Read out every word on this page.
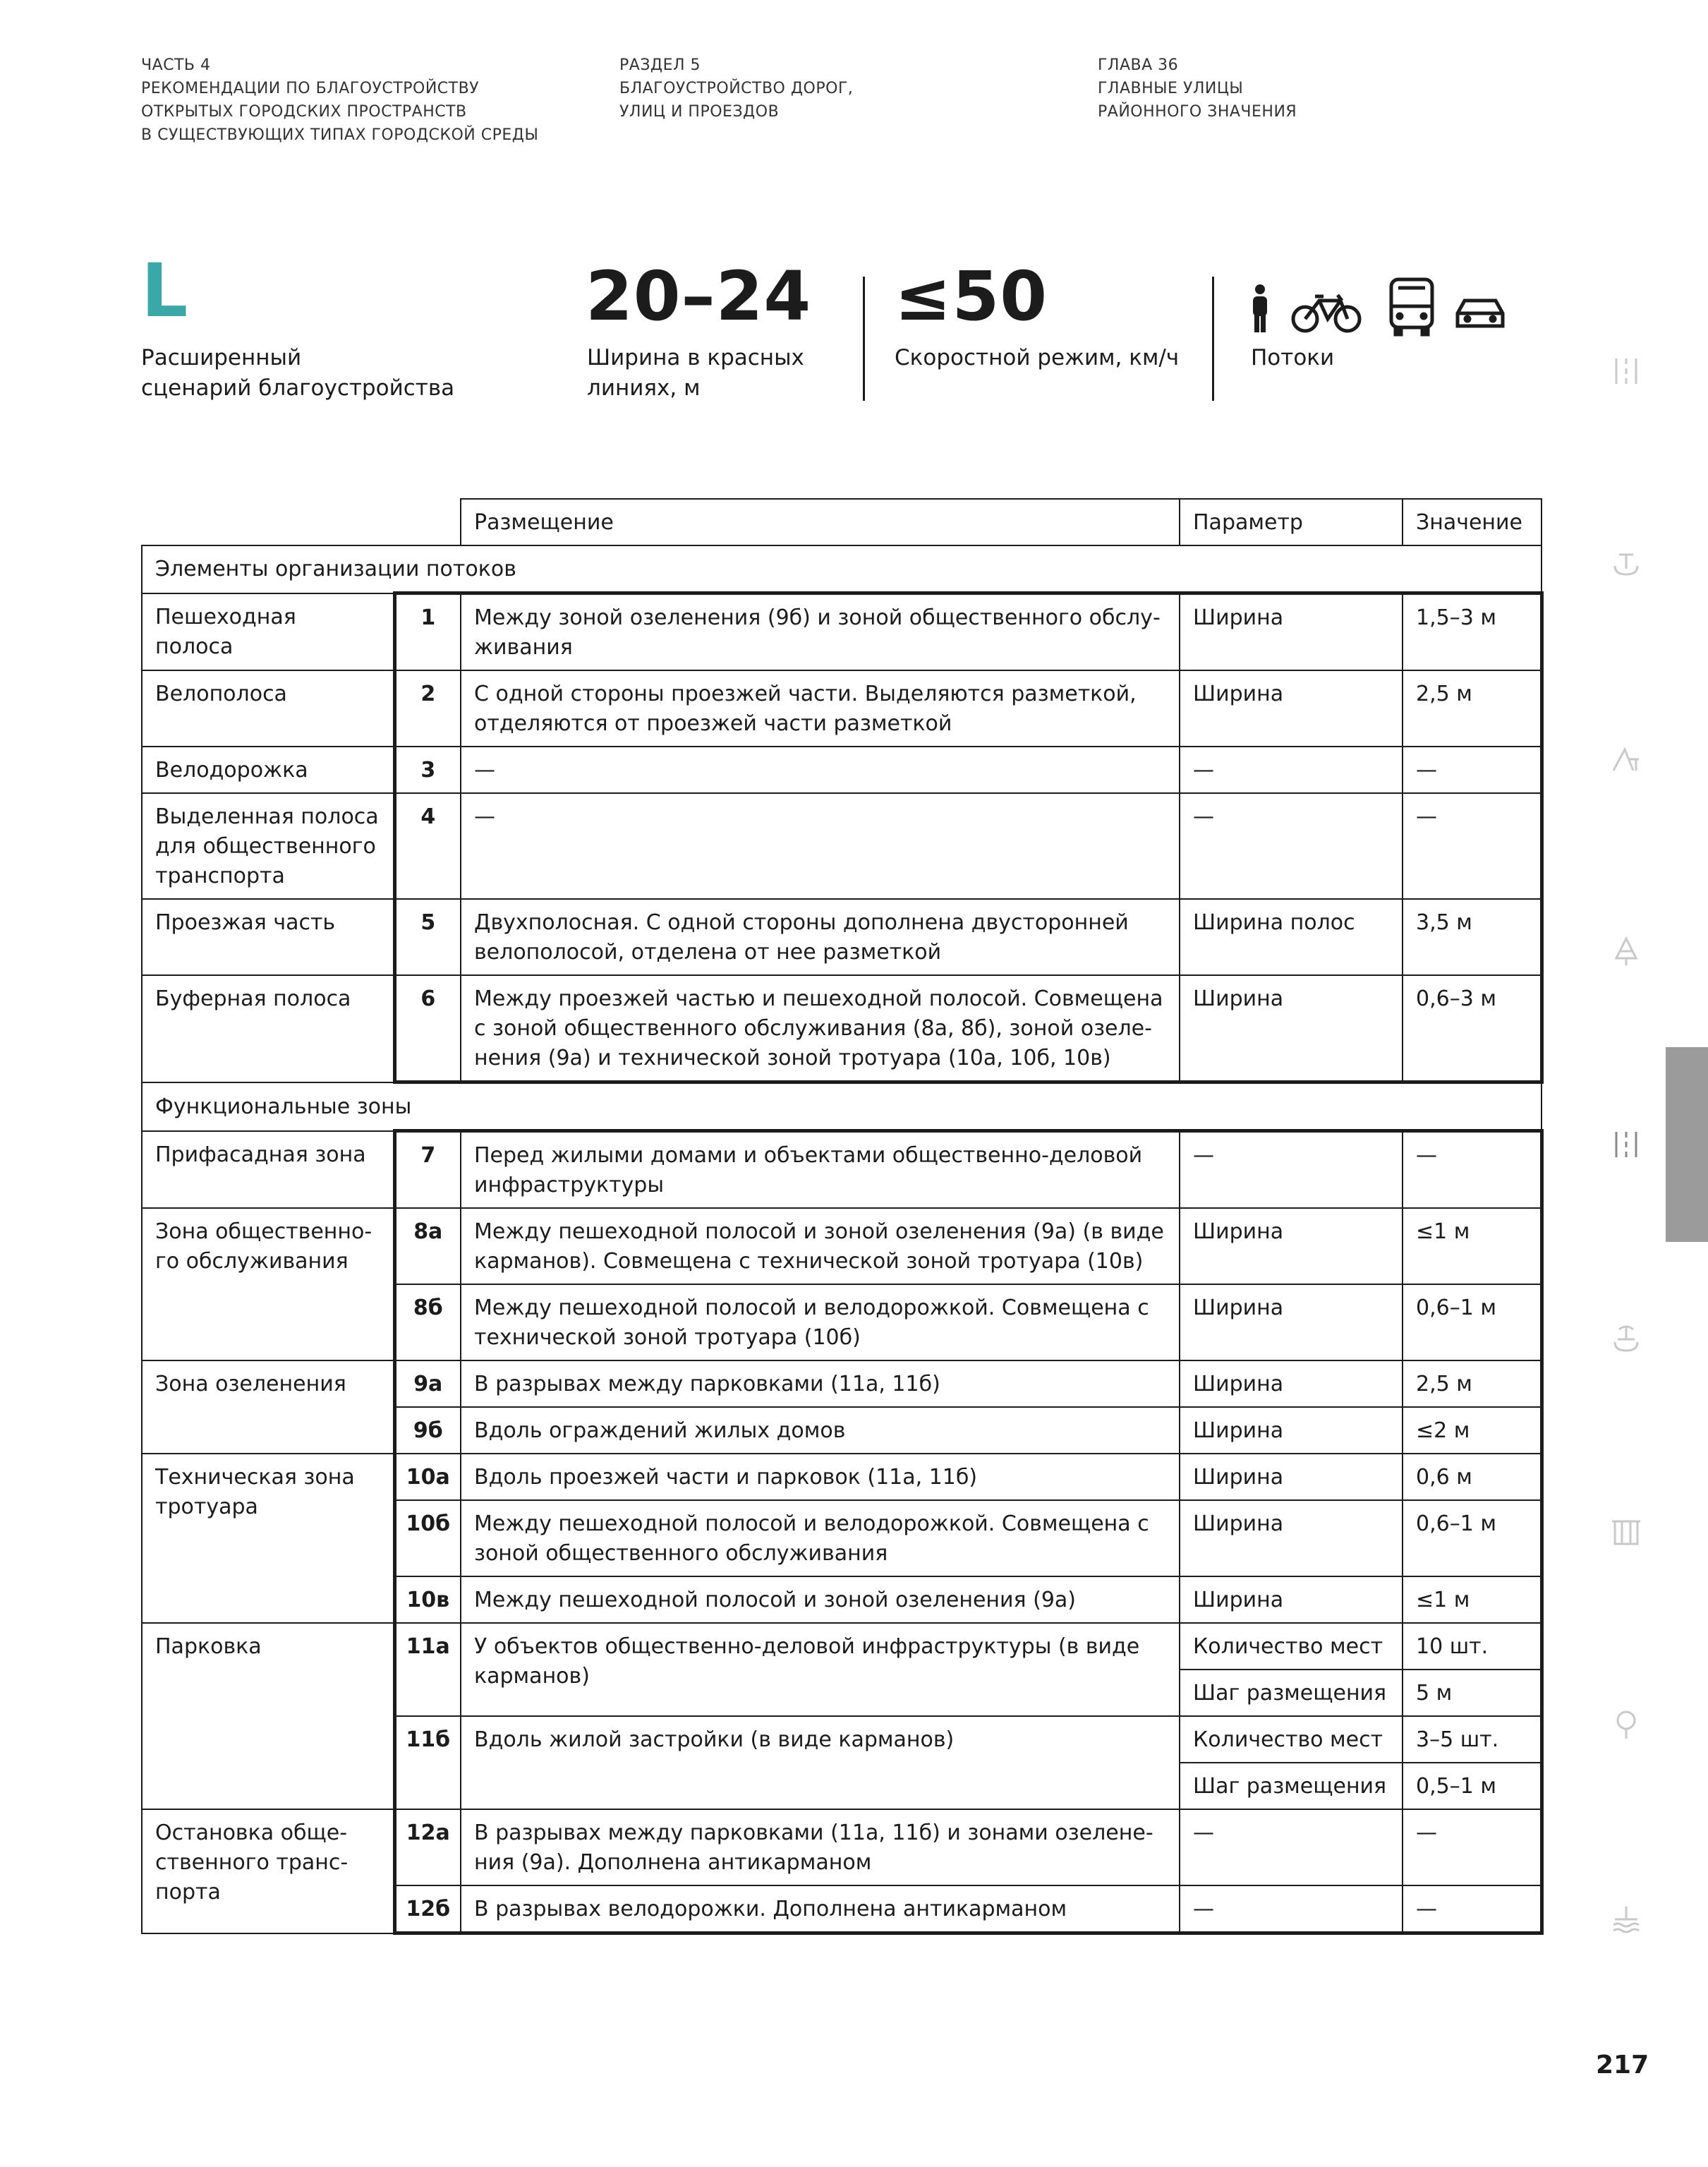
ЧАСТЬ 4
РЕКОМЕНДАЦИИ ПО БЛАГОУСТРОЙСТВУ
ОТКРЫТЫХ ГОРОДСКИХ ПРОСТРАНСТВ
В СУЩЕСТВУЮЩИХ ТИПАХ ГОРОДСКОЙ СРЕДЫ
РАЗДЕЛ 5
БЛАГОУСТРОЙСТВО ДОРОГ,
УЛИЦ И ПРОЕЗДОВ
ГЛАВА 36
ГЛАВНЫЕ УЛИЦЫ
РАЙОННОГО ЗНАЧЕНИЯ
L
Расширенный
сценарий благоустройства
20–24
Ширина в красных
линиях, м
≤50
Скоростной режим, км/ч	Потоки
		Размещение	Параметр	Значение
Элементы организации потоков				
Пешеходная полоса	1	Между зоной озеленения (9б) и зоной общественного обслуживания	Ширина	1,5–3 м
Велополоса	2	С одной стороны проезжей части. Выделяются разметкой, отделяются от проезжей части разметкой	Ширина	2,5 м
Велодорожка	3	—	—	—
Выделенная полоса для общественного транспорта	4	—	—	—
Проезжая часть	5	Двухполосная. С одной стороны дополнена двусторонней велополосой, отделена от нее разметкой	Ширина полос	3,5 м
Буферная полоса	6	Между проезжей частью и пешеходной полосой. Совмещена с зоной общественного обслуживания (8а, 8б), зоной озеленения (9а) и технической зоной тротуара (10а, 10б, 10в)	Ширина	0,6–3 м
Функциональные зоны				
Прифасадная зона	7	Перед жилыми домами и объектами общественно-деловой инфраструктуры	—	—
Зона общественного обслуживания	8а	Между пешеходной полосой и зоной озеленения (9а) (в виде карманов). Совмещена с технической зоной тротуара (10в)	Ширина	≤1 м
	8б	Между пешеходной полосой и велодорожкой. Совмещена с технической зоной тротуара (10б)	Ширина	0,6–1 м
Зона озеленения	9а	В разрывах между парковками (11а, 11б)	Ширина	2,5 м
	9б	Вдоль ограждений жилых домов	Ширина	≤2 м
Техническая зона тротуара	10а	Вдоль проезжей части и парковок (11а, 11б)	Ширина	0,6 м
	10б	Между пешеходной полосой и велодорожкой. Совмещена с зоной общественного обслуживания	Ширина	0,6–1 м
	10в	Между пешеходной полосой и зоной озеленения (9а)	Ширина	≤1 м
Парковка	11а	У объектов общественно-деловой инфраструктуры (в виде карманов)	Количество мест	10 шт.
			Шаг размещения	5 м
	11б	Вдоль жилой застройки (в виде карманов)	Количество мест	3–5 шт.
			Шаг размещения	0,5–1 м
Остановка общественного транспорта	12а	В разрывах между парковками (11а, 11б) и зонами озеленения (9а). Дополнена антикарманом	—	—
	12б	В разрывах велодорожки. Дополнена антикарманом	—	—
217
